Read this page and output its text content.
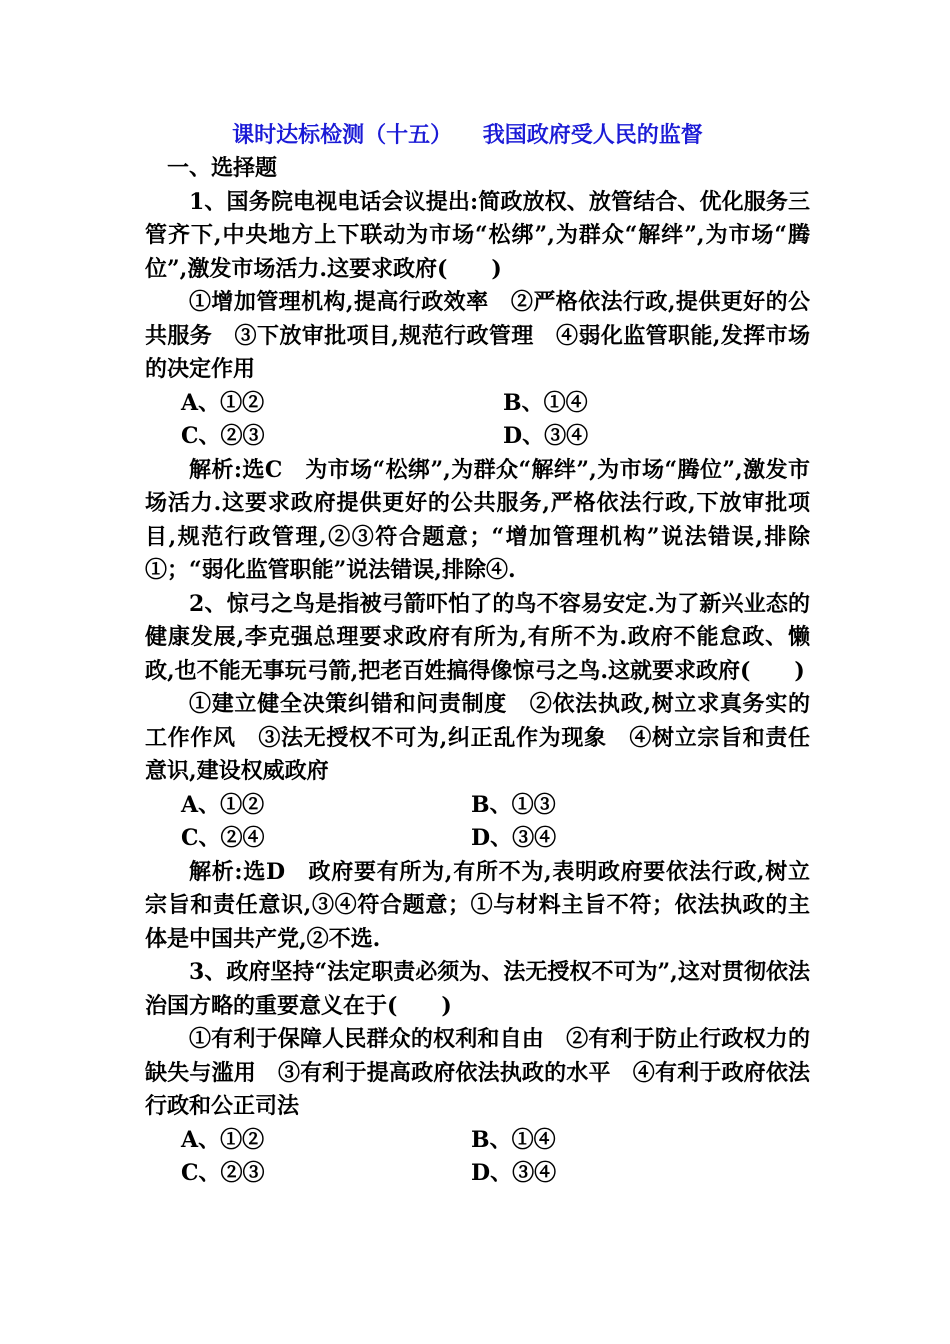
课时达标检测（十五）    我国政府受人民的监督

一、选择题

1、国务院电视电话会议提出:简政放权、放管结合、优化服务三管齐下,中央地方上下联动为市场“松绑”,为群众“解绊”,为市场“腾位”,激发市场活力.这要求政府(　　)

①增加管理机构,提高行政效率　②严格依法行政,提供更好的公共服务　③下放审批项目,规范行政管理　④弱化监管职能,发挥市场的决定作用

A、①②	B、①④
C、②③	D、③④

解析:选C　为市场“松绑”,为群众“解绊”,为市场“腾位”,激发市场活力.这要求政府提供更好的公共服务,严格依法行政,下放审批项目,规范行政管理,②③符合题意；“增加管理机构”说法错误,排除①；“弱化监管职能”说法错误,排除④.

2、惊弓之鸟是指被弓箭吓怕了的鸟不容易安定.为了新兴业态的健康发展,李克强总理要求政府有所为,有所不为.政府不能怠政、懒政,也不能无事玩弓箭,把老百姓搞得像惊弓之鸟.这就要求政府(　　)

①建立健全决策纠错和问责制度　②依法执政,树立求真务实的工作作风　③法无授权不可为,纠正乱作为现象　④树立宗旨和责任意识,建设权威政府

A、①②	B、①③
C、②④	D、③④

解析:选D　政府要有所为,有所不为,表明政府要依法行政,树立宗旨和责任意识,③④符合题意；①与材料主旨不符；依法执政的主体是中国共产党,②不选.

3、政府坚持“法定职责必须为、法无授权不可为”,这对贯彻依法治国方略的重要意义在于(　　)

①有利于保障人民群众的权利和自由　②有利于防止行政权力的缺失与滥用　③有利于提高政府依法执政的水平　④有利于政府依法行政和公正司法

A、①②	B、①④
C、②③	D、③④
